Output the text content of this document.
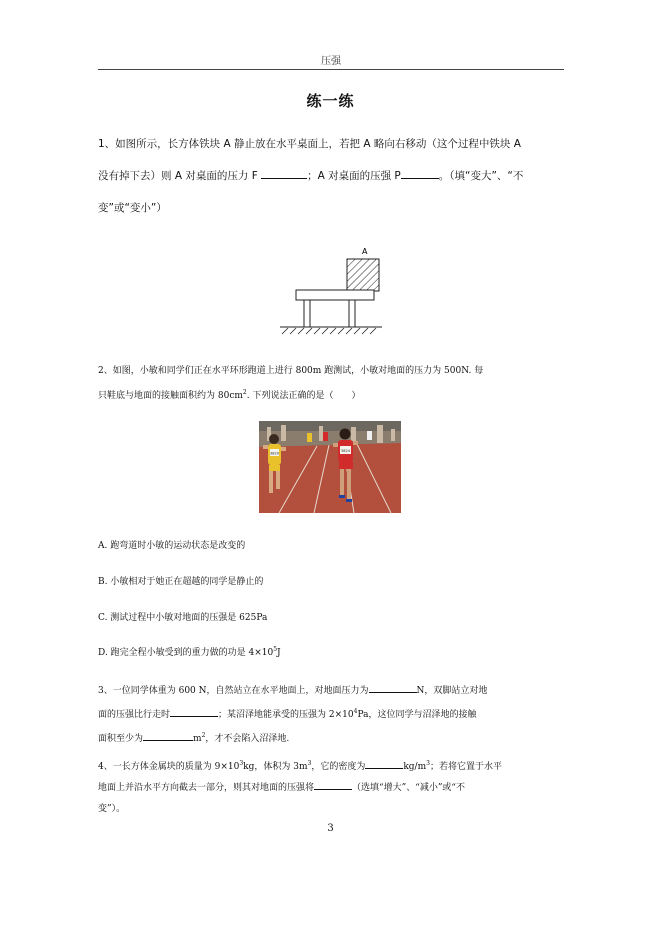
压强
练一练
1、如图所示，长方体铁块 A 静止放在水平桌面上，若把 A 略向右移动（这个过程中铁块 A
没有掉下去）则 A 对桌面的压力 F	；A 对桌面的压强 P	。（填“变大”、“不
变”或“变小”）
A
2、如图，小敏和同学们正在水平环形跑道上进行 800m 跑测试，小敏对地面的压力为 500N. 每
只鞋底与地面的接触面积约为 $80cm^2$. 下列说法正确的是（　　）
3820
3824
A. 跑弯道时小敏的运动状态是改变的
B. 小敏相对于她正在超越的同学是静止的
C. 测试过程中小敏对地面的压强是 625Pa
D. 跑完全程小敏受到的重力做的功是 $4\times 10^5J$
3、一位同学体重为 600 N，自然站立在水平地面上，对地面压力为	N，双脚站立对地
面的压强比行走时	；某沼泽地能承受的压强为 $2\times 10^4Pa$，这位同学与沼泽地的接触
面积至少为	$m^2$，才不会陷入沼泽地.
4、一长方体金属块的质量为 $9\times 10^3kg$，体积为 $3m^3$，它的密度为	$kg/m^3$；若将它置于水平
地面上并沿水平方向截去一部分，则其对地面的压强将	（选填“增大”、“减小”或“不
变”）。
3
